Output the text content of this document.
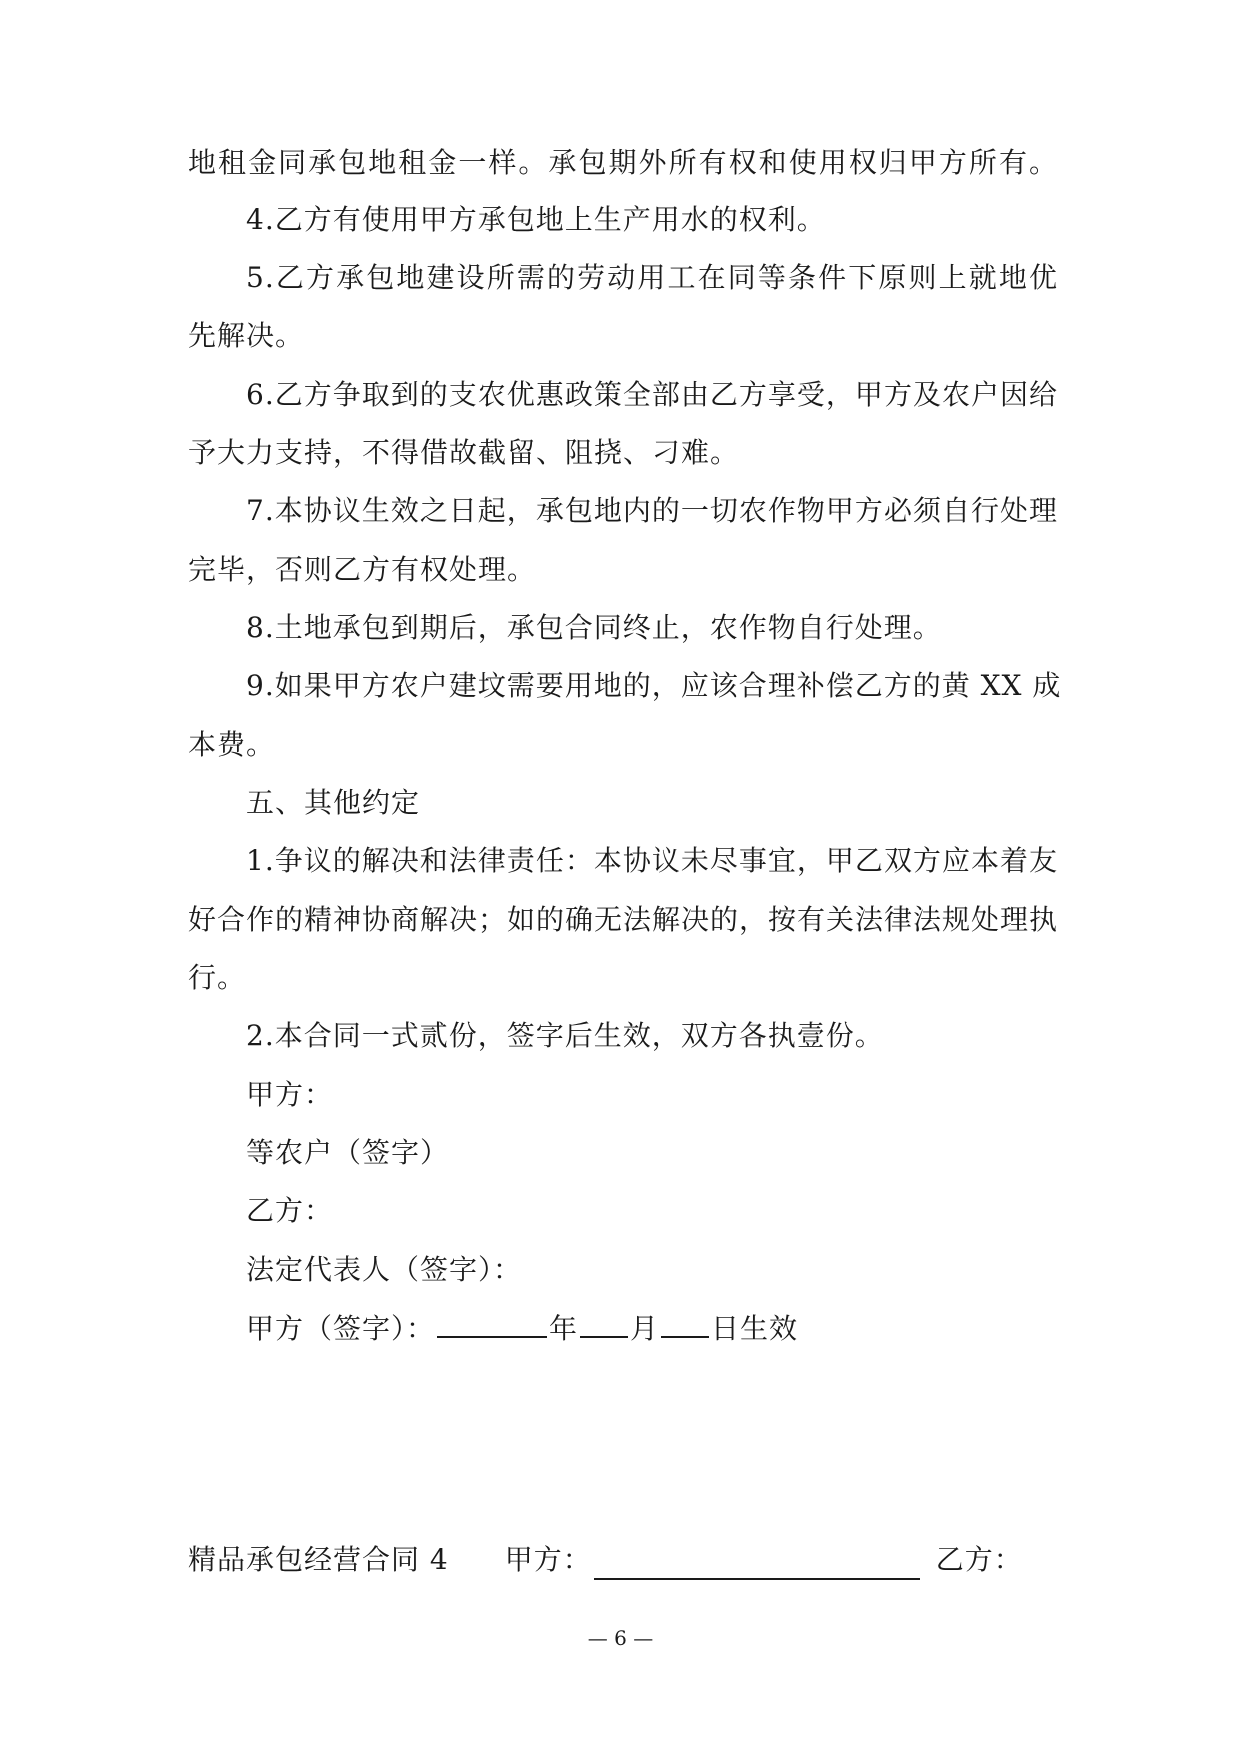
地租金同承包地租金一样。承包期外所有权和使用权归甲方所有。
4.乙方有使用甲方承包地上生产用水的权利。
5.乙方承包地建设所需的劳动用工在同等条件下原则上就地优
先解决。
6.乙方争取到的支农优惠政策全部由乙方享受，甲方及农户因给
予大力支持，不得借故截留、阻挠、刁难。
7.本协议生效之日起，承包地内的一切农作物甲方必须自行处理
完毕，否则乙方有权处理。
8.土地承包到期后，承包合同终止，农作物自行处理。
9.如果甲方农户建坟需要用地的，应该合理补偿乙方的黄 XX 成
本费。
五、其他约定
1.争议的解决和法律责任：本协议未尽事宜，甲乙双方应本着友
好合作的精神协商解决；如的确无法解决的，按有关法律法规处理执
行。
2.本合同一式贰份，签字后生效，双方各执壹份。
甲方：
等农户（签字）
乙方：
法定代表人（签字）：
甲方（签字）：	年 月 日生效
精品承包经营合同 4 甲方：	乙方：
— 6 —
